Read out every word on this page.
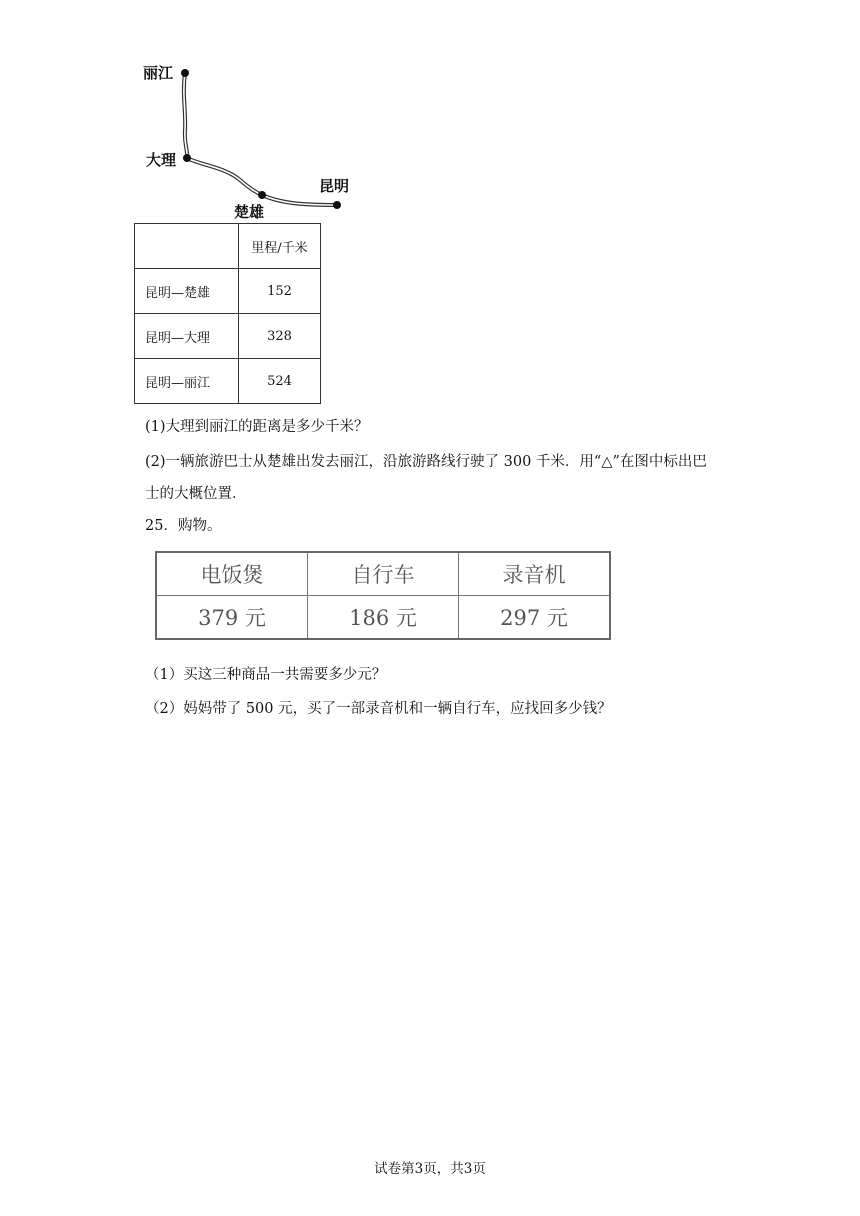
丽江
大理
楚雄
昆明
	里程/千米
昆明—楚雄	152
昆明—大理	328
昆明—丽江	524
(1)大理到丽江的距离是多少千米？
(2)一辆旅游巴士从楚雄出发去丽江，沿旅游路线行驶了 300 千米．用“△”在图中标出巴
士的大概位置．
25．购物。
电饭煲	自行车	录音机
379 元	186 元	297 元
（1）买这三种商品一共需要多少元？
（2）妈妈带了 500 元，买了一部录音机和一辆自行车，应找回多少钱？
试卷第3页，共3页
